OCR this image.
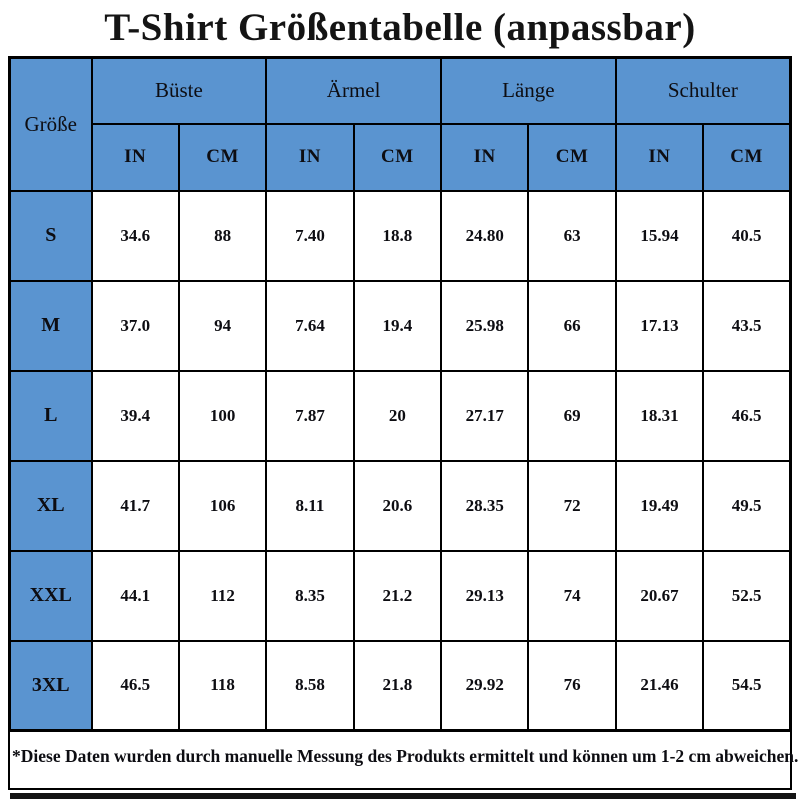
T-Shirt Größentabelle (anpassbar)
Größe	Büste		Ärmel		Länge		Schulter	
	IN	CM	IN	CM	IN	CM	IN	CM
S	34.6	88	7.40	18.8	24.80	63	15.94	40.5
M	37.0	94	7.64	19.4	25.98	66	17.13	43.5
L	39.4	100	7.87	20	27.17	69	18.31	46.5
XL	41.7	106	8.11	20.6	28.35	72	19.49	49.5
XXL	44.1	112	8.35	21.2	29.13	74	20.67	52.5
3XL	46.5	118	8.58	21.8	29.92	76	21.46	54.5
*Diese Daten wurden durch manuelle Messung des Produkts ermittelt und können um 1-2 cm abweichen.
